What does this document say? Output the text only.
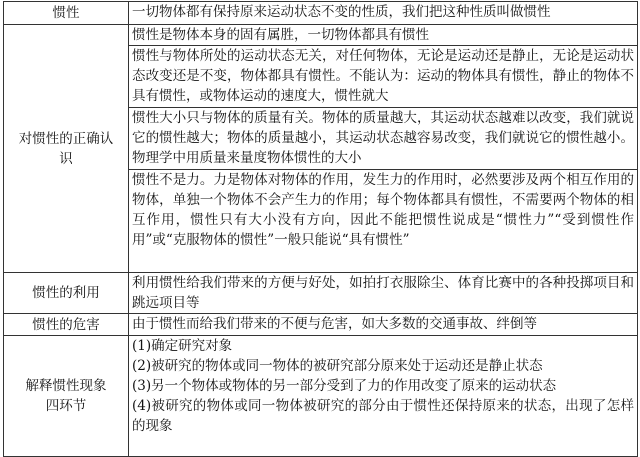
惯性	一切物体都有保持原来运动状态不变的性质，我们把这种性质叫做惯性
对惯性的正确认识	惯性是物体本身的固有属胜，一切物体都具有惯性
	惯性与物体所处的运动状态无关，对任何物体，无论是运动还是静止，无论是运动状态改变还是不变，物体都具有惯性。不能认为：运动的物体具有惯性，静止的物体不具有惯性，或物体运动的速度大，惯性就大
	惯性大小只与物体的质量有关。物体的质量越大，其运动状态越难以改变，我们就说它的惯性越大；物体的质量越小，其运动状态越容易改变，我们就说它的惯性越小。物理学中用质量来量度物体惯性的大小
	惯性不是力。力是物体对物体的作用，发生力的作用时，必然要涉及两个相互作用的物体，单独一个物体不会产生力的作用；每个物体都具有惯性，不需要两个物体的相互作用，惯性只有大小没有方向，因此不能把惯性说成是“惯性力”“受到惯性作用”或“克服物体的惯性”一般只能说“具有惯性”
惯性的利用	利用惯性给我们带来的方便与好处，如拍打衣服除尘、体育比赛中的各种投掷项目和跳远项目等
惯性的危害	由于惯性而给我们带来的不便与危害，如大多数的交通事故、绊倒等
解释惯性现象四环节	(1)确定研究对象
(2)被研究的物体或同一物体的被研究部分原来处于运动还是静止状态
(3)另一个物体或物体的另一部分受到了力的作用改变了原来的运动状态
(4)被研究的物体或同一物体被研究的部分由于惯性还保持原来的状态，出现了怎样的现象
